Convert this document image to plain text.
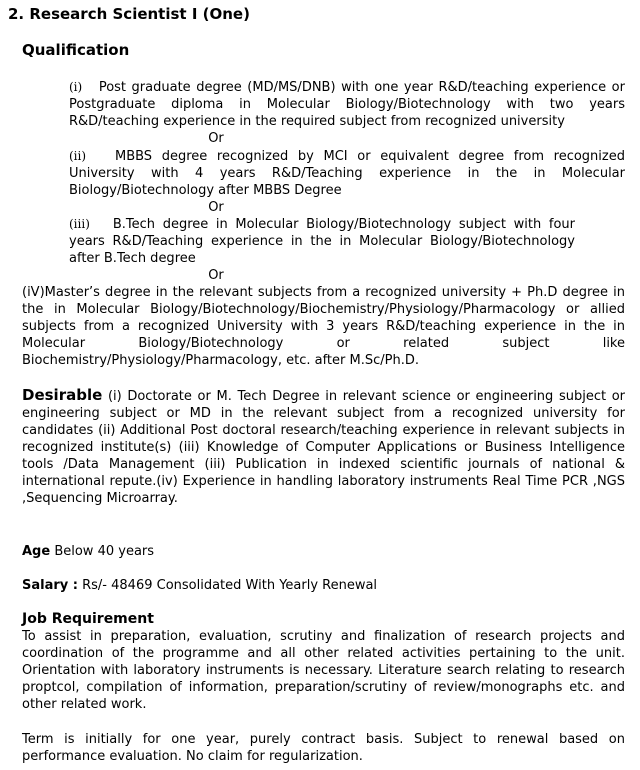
2. Research Scientist I (One)
Qualification
(i) Post graduate degree (MD/MS/DNB) with one year R&D/teaching experience or Postgraduate diploma in Molecular Biology/Biotechnology with two years R&D/teaching experience in the required subject from recognized university
Or
(ii) MBBS degree recognized by MCI or equivalent degree from recognized University with 4 years R&D/Teaching experience in the in Molecular Biology/Biotechnology after MBBS Degree
Or
(iii) B.Tech degree in Molecular Biology/Biotechnology subject with four years R&D/Teaching experience in the in Molecular Biology/Biotechnology after B.Tech degree
Or
(iV)Master’s degree in the relevant subjects from a recognized university + Ph.D degree in the in Molecular Biology/Biotechnology/Biochemistry/Physiology/Pharmacology or allied subjects from a recognized University with 3 years R&D/teaching experience in the in Molecular Biology/Biotechnology or related subject like Biochemistry/Physiology/Pharmacology, etc. after M.Sc/Ph.D.
Desirable (i) Doctorate or M. Tech Degree in relevant science or engineering subject or engineering subject or MD in the relevant subject from a recognized university for candidates (ii) Additional Post doctoral research/teaching experience in relevant subjects in recognized institute(s) (iii) Knowledge of Computer Applications or Business Intelligence tools /Data Management (iii) Publication in indexed scientific journals of national & international repute.(iv) Experience in handling laboratory instruments Real Time PCR ,NGS ,Sequencing Microarray.
Age Below 40 years
Salary : Rs/- 48469 Consolidated With Yearly Renewal
Job Requirement
To assist in preparation, evaluation, scrutiny and finalization of research projects and coordination of the programme and all other related activities pertaining to the unit. Orientation with laboratory instruments is necessary. Literature search relating to research proptcol, compilation of information, preparation/scrutiny of review/monographs etc. and other related work.
Term is initially for one year, purely contract basis. Subject to renewal based on performance evaluation. No claim for regularization.
